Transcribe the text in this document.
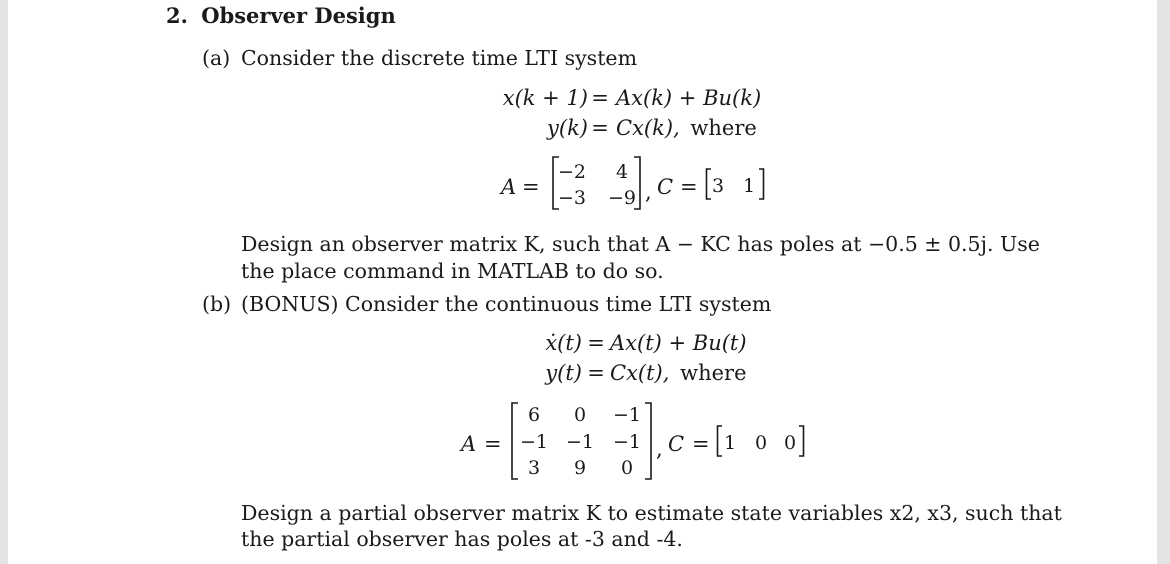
2. Observer Design
(a) Consider the discrete time LTI system
x(k + 1) = Ax(k) + Bu(k)
y(k) = Cx(k), where
A =
−2 4
−3 −9 , C = 3 1
Design an observer matrix K, such that A − KC has poles at −0.5 ± 0.5j. Use
the place command in MATLAB to do so.
(b) (BONUS) Consider the continuous time LTI system
ẋ(t) = Ax(t) + Bu(t)
y(t) = Cx(t), where
A =
6 0 −1
−1 −1 −1
3 9 0
, C = 1 0 0
Design a partial observer matrix K to estimate state variables x2, x3, such that
the partial observer has poles at -3 and -4.
